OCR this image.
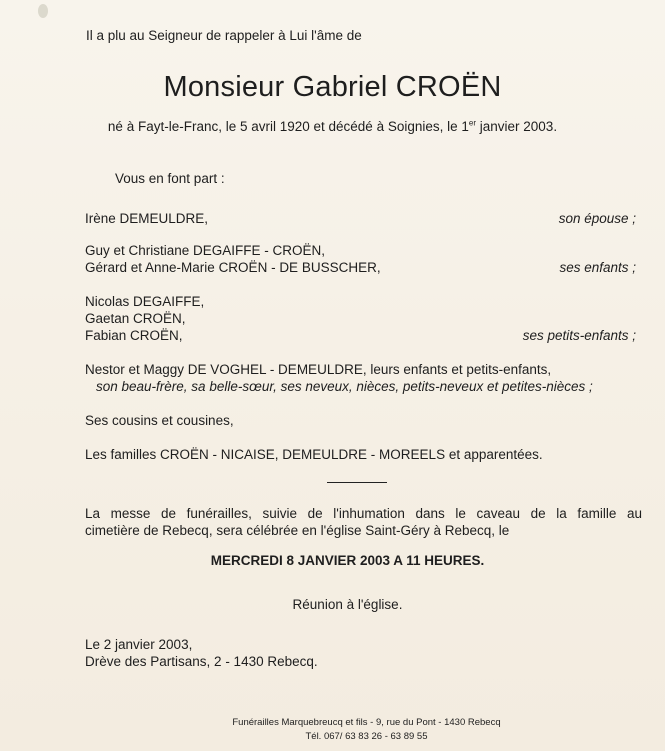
Il a plu au Seigneur de rappeler à Lui l'âme de
Monsieur Gabriel CROËN
né à Fayt-le-Franc, le 5 avril 1920 et décédé à Soignies, le 1er janvier 2003.
Vous en font part :
Irène DEMEULDRE,	son épouse ;
Guy et Christiane DEGAIFFE - CROËN,
Gérard et Anne-Marie CROËN - DE BUSSCHER,	ses enfants ;
Nicolas DEGAIFFE,
Gaetan CROËN,
Fabian CROËN,	ses petits-enfants ;
Nestor et Maggy DE VOGHEL - DEMEULDRE, leurs enfants et petits-enfants,
son beau-frère, sa belle-sœur, ses neveux, nièces, petits-neveux et petites-nièces ;
Ses cousins et cousines,
Les familles CROËN - NICAISE, DEMEULDRE - MOREELS et apparentées.
La messe de funérailles, suivie de l'inhumation dans le caveau de la famille au
cimetière de Rebecq, sera célébrée en l'église Saint-Géry à Rebecq, le
MERCREDI 8 JANVIER 2003 A 11 HEURES.
Réunion à l'église.
Le 2 janvier 2003,
Drève des Partisans, 2 - 1430 Rebecq.
Funérailles Marquebreucq et fils - 9, rue du Pont - 1430 Rebecq
Tél. 067/ 63 83 26 - 63 89 55
